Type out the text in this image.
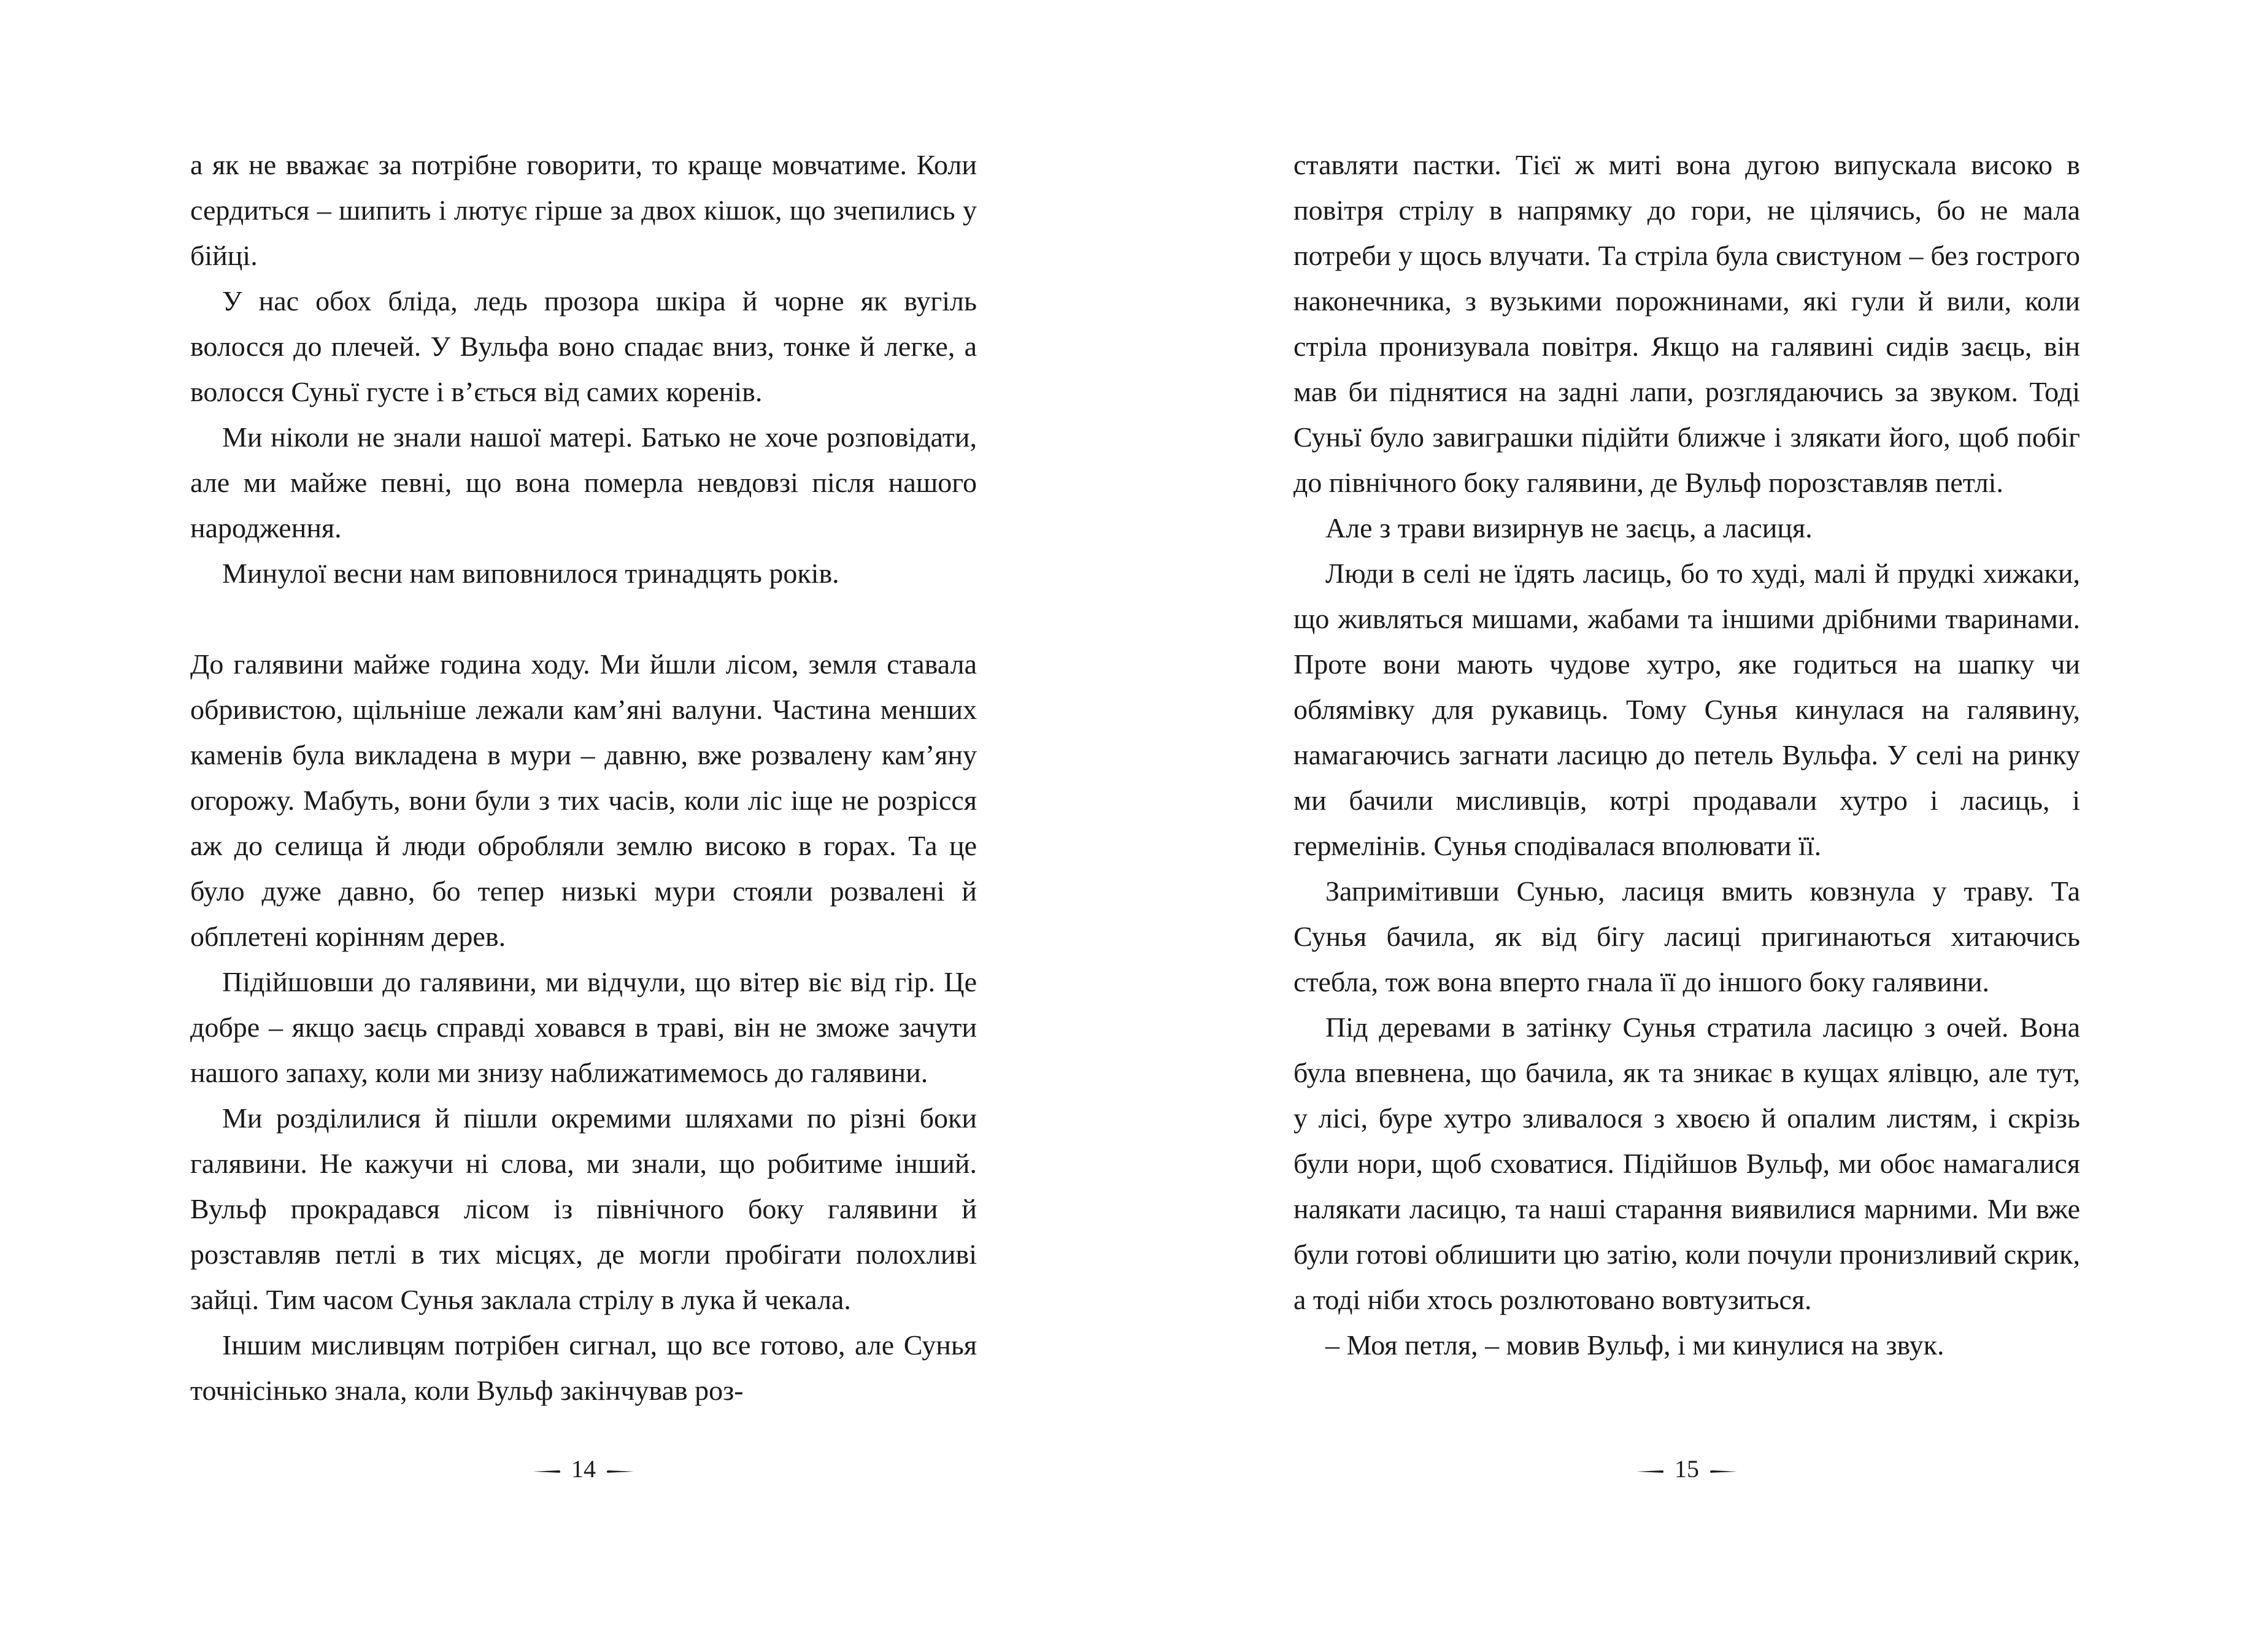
а як не вважає за потрібне говорити, то краще мовчатиме. Коли сердиться – шипить і лютує гірше за двох кішок, що зчепились у бійці.

У нас обох бліда, ледь прозора шкіра й чорне як вугіль волосся до плечей. У Вульфа воно спадає вниз, тонке й легке, а волосся Суньї густе і в’ється від самих коренів.

Ми ніколи не знали нашої матері. Батько не хоче розповідати, але ми майже певні, що вона померла невдовзі після нашого народження.

Минулої весни нам виповнилося тринадцять років.

До галявини майже година ходу. Ми йшли лісом, земля ставала обривистою, щільніше лежали кам’яні валуни. Частина менших каменів була викладена в мури – давню, вже розвалену кам’яну огорожу. Мабуть, вони були з тих часів, коли ліс іще не розрісся аж до селища й люди обробляли землю високо в горах. Та це було дуже давно, бо тепер низькі мури стояли розвалені й обплетені корінням дерев.

Підійшовши до галявини, ми відчули, що вітер віє від гір. Це добре – якщо заєць справді ховався в траві, він не зможе зачути нашого запаху, коли ми знизу наближатимемось до галявини.

Ми розділилися й пішли окремими шляхами по різні боки галявини. Не кажучи ні слова, ми знали, що робитиме інший. Вульф прокрадався лісом із північного боку галявини й розставляв петлі в тих місцях, де могли пробігати полохливі зайці. Тим часом Сунья заклала стрілу в лука й чекала.

Іншим мисливцям потрібен сигнал, що все готово, але Сунья точнісінько знала, коли Вульф закінчував роз-

14

ставляти пастки. Тієї ж миті вона дугою випускала високо в повітря стрілу в напрямку до гори, не цілячись, бо не мала потреби у щось влучати. Та стріла була свистуном – без гострого наконечника, з вузькими порожнинами, які гули й вили, коли стріла пронизувала повітря. Якщо на галявині сидів заєць, він мав би піднятися на задні лапи, розглядаючись за звуком. Тоді Суньї було завиграшки підійти ближче і злякати його, щоб побіг до північного боку галявини, де Вульф порозставляв петлі.

Але з трави визирнув не заєць, а ласиця.

Люди в селі не їдять ласиць, бо то худі, малі й прудкі хижаки, що живляться мишами, жабами та іншими дрібними тваринами. Проте вони мають чудове хутро, яке годиться на шапку чи облямівку для рукавиць. Тому Сунья кинулася на галявину, намагаючись загнати ласицю до петель Вульфа. У селі на ринку ми бачили мисливців, котрі продавали хутро і ласиць, і гермелінів. Сунья сподівалася вполювати її.

Запримітивши Сунью, ласиця вмить ковзнула у траву. Та Сунья бачила, як від бігу ласиці пригинаються хитаючись стебла, тож вона вперто гнала її до іншого боку галявини.

Під деревами в затінку Сунья стратила ласицю з очей. Вона була впевнена, що бачила, як та зникає в кущах ялівцю, але тут, у лісі, буре хутро зливалося з хвоєю й опалим листям, і скрізь були нори, щоб сховатися. Підійшов Вульф, ми обоє намагалися налякати ласицю, та наші старання виявилися марними. Ми вже були готові облишити цю затію, коли почули пронизливий скрик, а тоді ніби хтось розлютовано вовтузиться.

– Моя петля, – мовив Вульф, і ми кинулися на звук.

15
